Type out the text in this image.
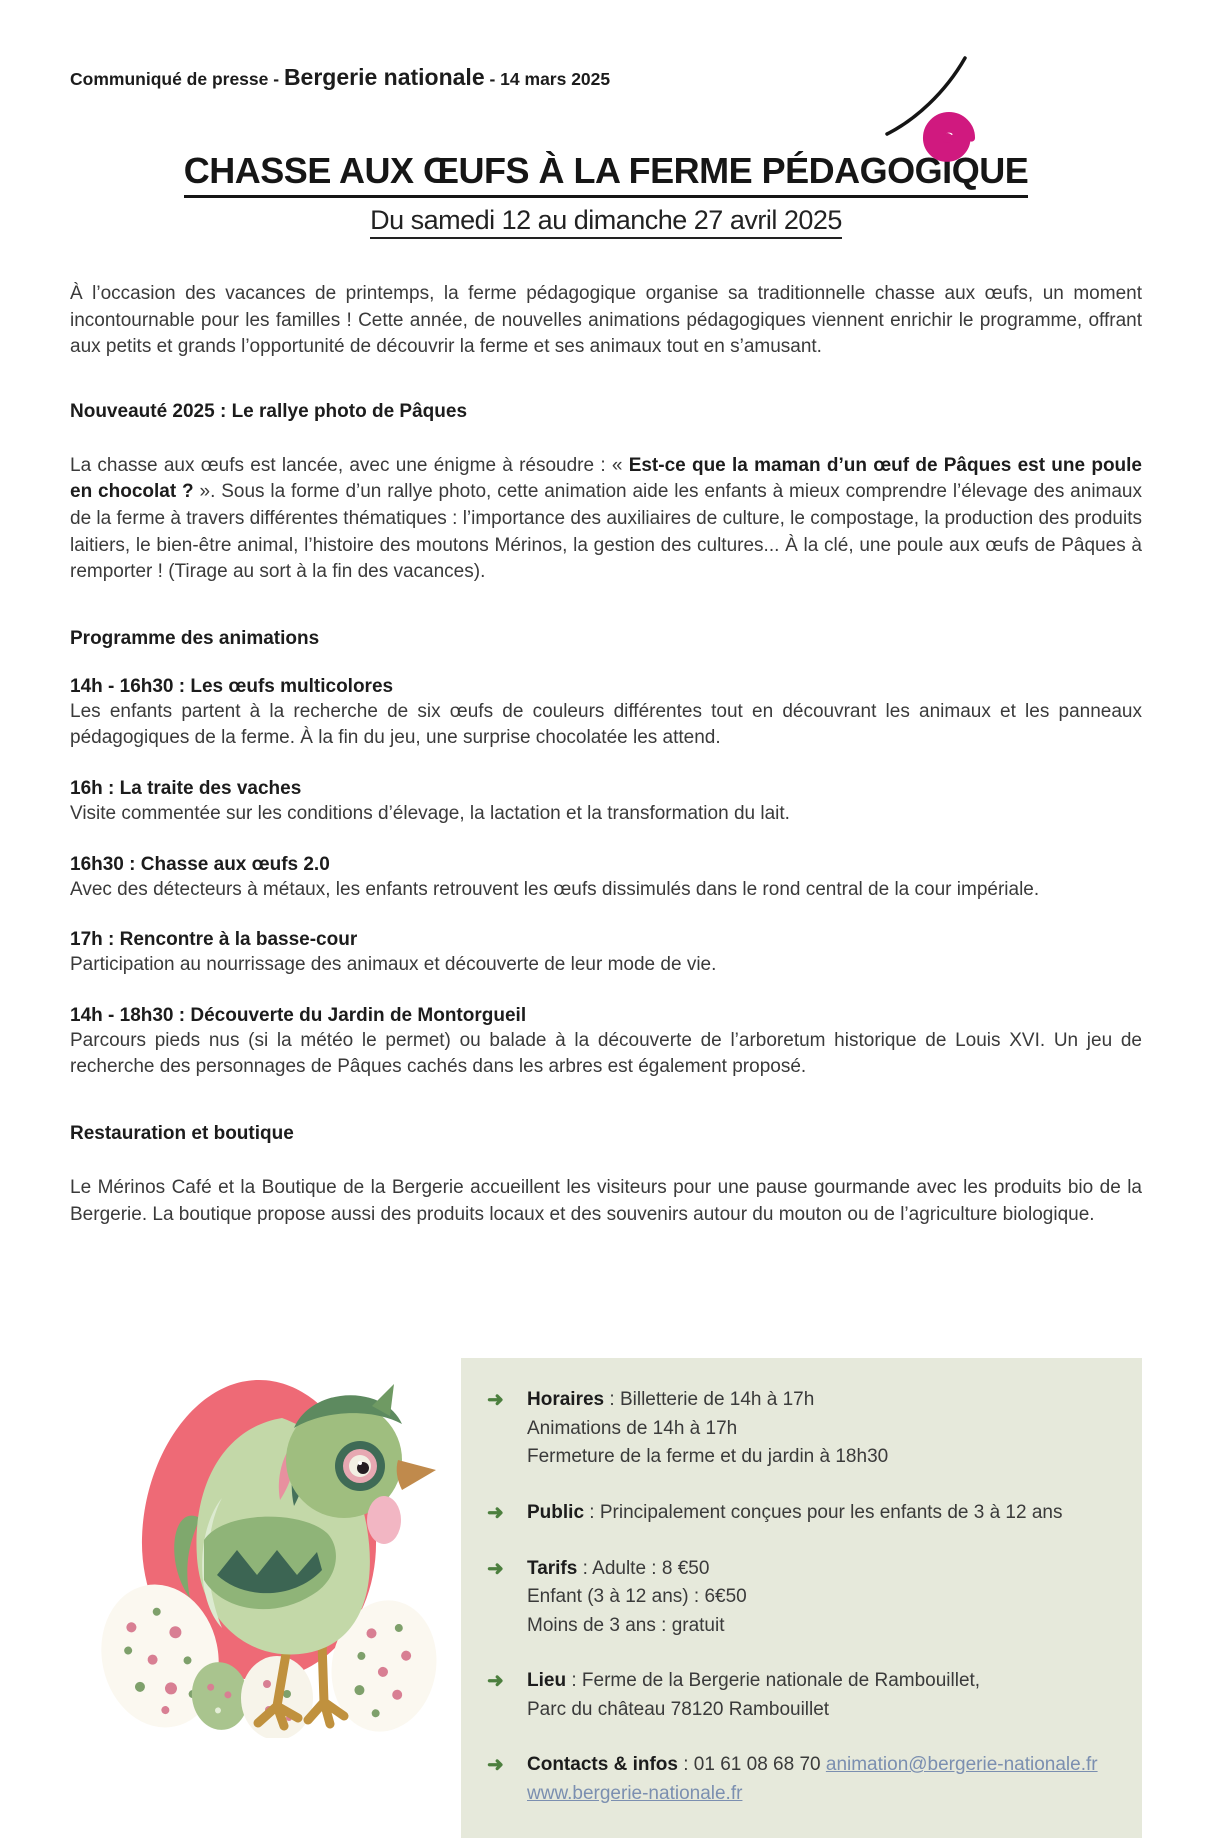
Communiqué de presse - Bergerie nationale - 14 mars 2025
CHASSE AUX ŒUFS À LA FERME PÉDAGOGIQUE
Du samedi 12 au dimanche 27 avril 2025

À l’occasion des vacances de printemps, la ferme pédagogique organise sa traditionnelle chasse aux œufs, un moment incontournable pour les familles ! Cette année, de nouvelles animations pédagogiques viennent enrichir le programme, offrant aux petits et grands l’opportunité de découvrir la ferme et ses animaux tout en s’amusant.

Nouveauté 2025 : Le rallye photo de Pâques

La chasse aux œufs est lancée, avec une énigme à résoudre : « Est-ce que la maman d’un œuf de Pâques est une poule en chocolat ? ». Sous la forme d’un rallye photo, cette animation aide les enfants à mieux comprendre l’élevage des animaux de la ferme à travers différentes thématiques : l’importance des auxiliaires de culture, le compostage, la production des produits laitiers, le bien-être animal, l’histoire des moutons Mérinos, la gestion des cultures... À la clé, une poule aux œufs de Pâques à remporter ! (Tirage au sort à la fin des vacances).

Programme des animations

14h - 16h30 : Les œufs multicolores

Les enfants partent à la recherche de six œufs de couleurs différentes tout en découvrant les animaux et les panneaux pédagogiques de la ferme. À la fin du jeu, une surprise chocolatée les attend.

16h : La traite des vaches

Visite commentée sur les conditions d’élevage, la lactation et la transformation du lait.

16h30 : Chasse aux œufs 2.0

Avec des détecteurs à métaux, les enfants retrouvent les œufs dissimulés dans le rond central de la cour impériale.

17h : Rencontre à la basse-cour

Participation au nourrissage des animaux et découverte de leur mode de vie.

14h - 18h30 : Découverte du Jardin de Montorgueil

Parcours pieds nus (si la météo le permet) ou balade à la découverte de l’arboretum historique de Louis XVI. Un jeu de recherche des personnages de Pâques cachés dans les arbres est également proposé.

Restauration et boutique

Le Mérinos Café et la Boutique de la Bergerie accueillent les visiteurs pour une pause gourmande avec les produits bio de la Bergerie. La boutique propose aussi des produits locaux et des souvenirs autour du mouton ou de l’agriculture biologique.

➜	Horaires : Billetterie de 14h à 17h
Animations de 14h à 17h
Fermeture de la ferme et du jardin à 18h30
➜	Public : Principalement conçues pour les enfants de 3 à 12 ans
➜	Tarifs : Adulte : 8 €50
Enfant (3 à 12 ans) : 6€50
Moins de 3 ans : gratuit
➜	Lieu : Ferme de la Bergerie nationale de Rambouillet,
Parc du château 78120 Rambouillet
➜	Contacts & infos : 01 61 08 68 70 animation@bergerie-nationale.fr
www.bergerie-nationale.fr
